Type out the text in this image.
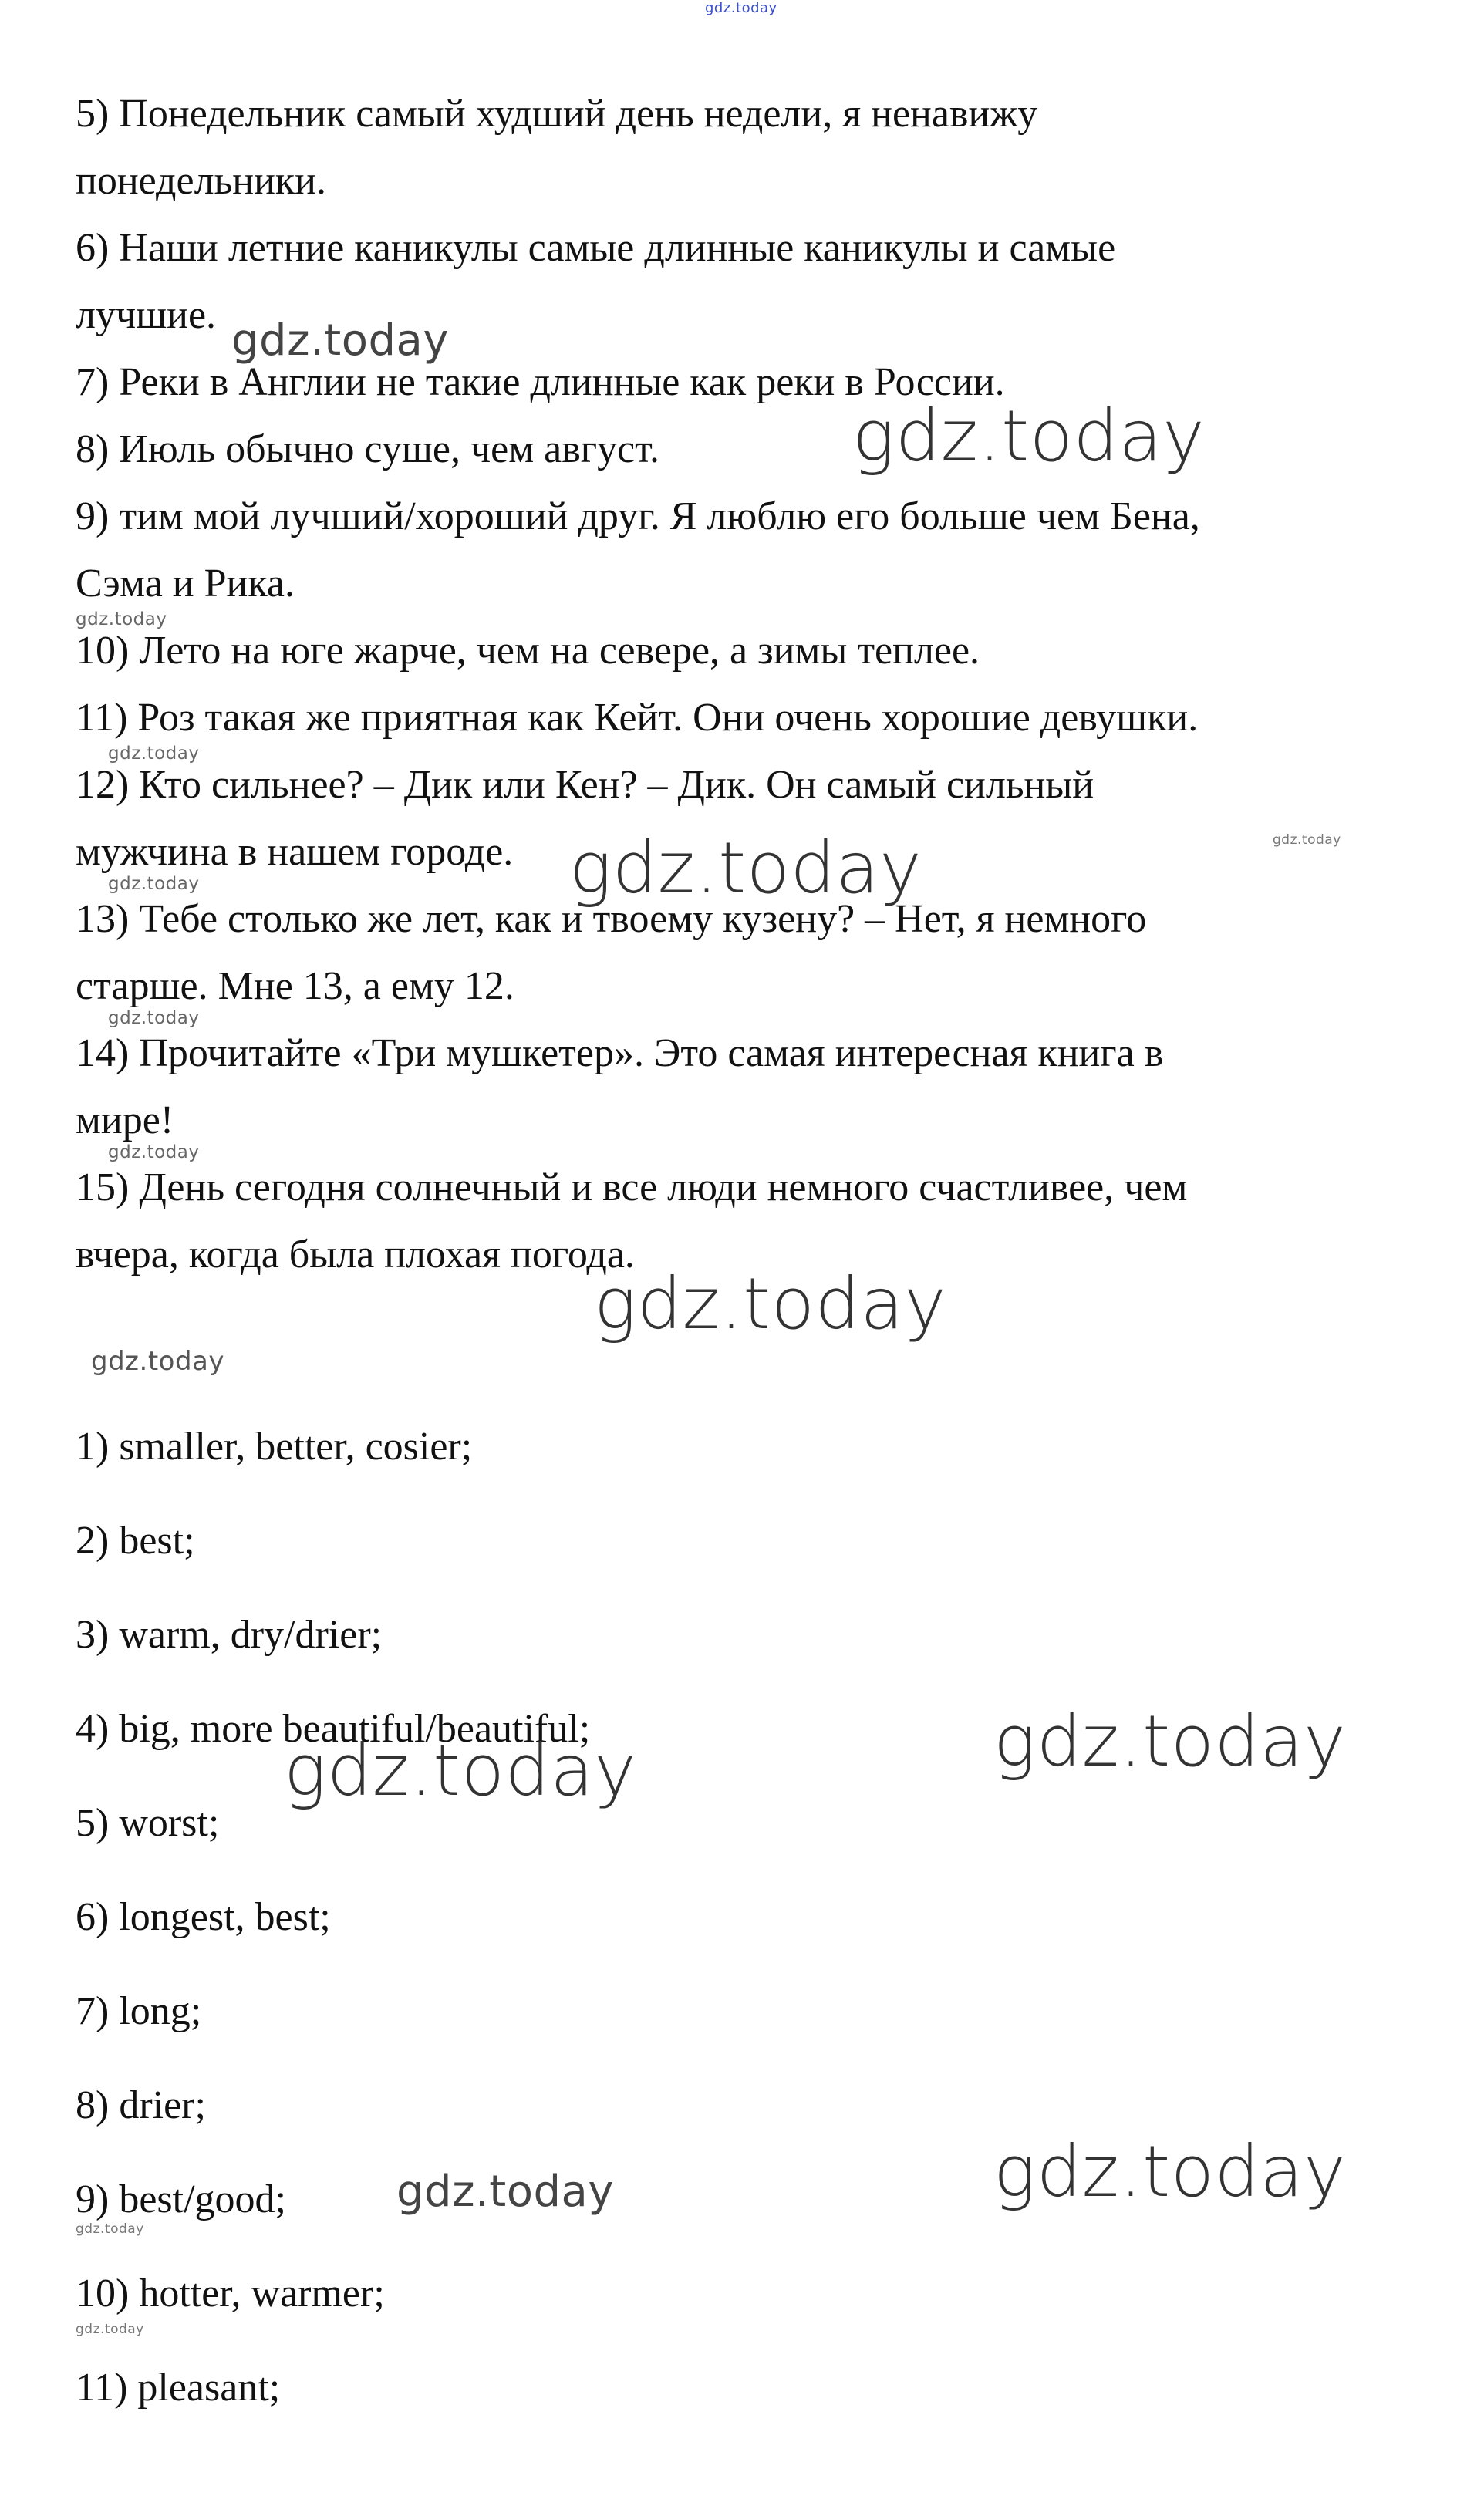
5) Понедельник самый худший день недели, я ненавижу
понедельники.
6) Наши летние каникулы самые длинные каникулы и самые
лучшие.
7) Реки в Англии не такие длинные как реки в России.
8) Июль обычно суше, чем август.
9) тим мой лучший/хороший друг. Я люблю его больше чем Бена,
Сэма и Рика.
10) Лето на юге жарче, чем на севере, а зимы теплее.
11) Роз такая же приятная как Кейт. Они очень хорошие девушки.
12) Кто сильнее? – Дик или Кен? – Дик. Он самый сильный
мужчина в нашем городе.
13) Тебе столько же лет, как и твоему кузену? – Нет, я немного
старше. Мне 13, а ему 12.
14) Прочитайте «Три мушкетер». Это самая интересная книга в
мире!
15) День сегодня солнечный и все люди немного счастливее, чем
вчера, когда была плохая погода.
1) smaller, better, cosier;
2) best;
3) warm, dry/drier;
4) big, more beautiful/beautiful;
5) worst;
6) longest, best;
7) long;
8) drier;
9) best/good;
10) hotter, warmer;
11) pleasant;
gdz.today
gdz.today
gdz.today
gdz.today
gdz.today
gdz.today
gdz.today
gdz.today
gdz.today
gdz.today
gdz.today
gdz.today
gdz.today
gdz.today
gdz.today
gdz.today
gdz.today
gdz.today
